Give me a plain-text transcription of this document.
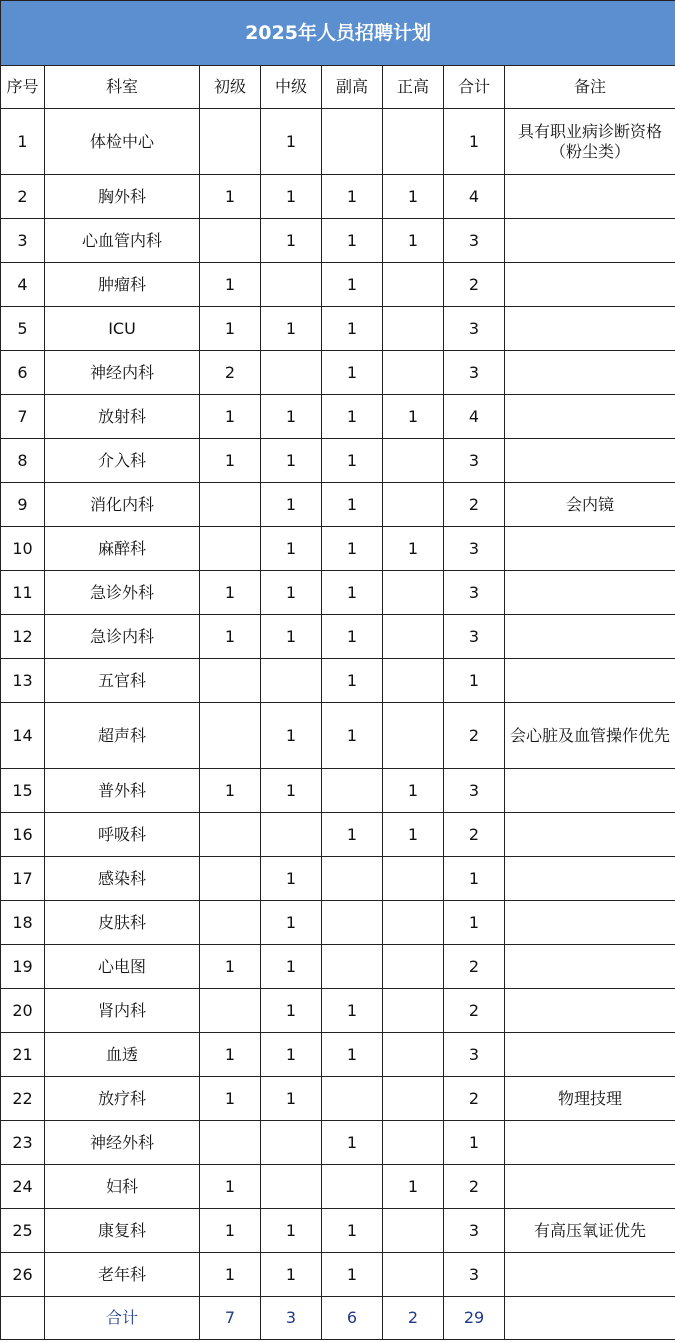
2025年人员招聘计划							
序号	科室	初级	中级	副高	正高	合计	备注
1	体检中心		1			1	具有职业病诊断资格（粉尘类）
2	胸外科	1	1	1	1	4	
3	心血管内科		1	1	1	3	
4	肿瘤科	1		1		2	
5	ICU	1	1	1		3	
6	神经内科	2		1		3	
7	放射科	1	1	1	1	4	
8	介入科	1	1	1		3	
9	消化内科		1	1		2	会内镜
10	麻醉科		1	1	1	3	
11	急诊外科	1	1	1		3	
12	急诊内科	1	1	1		3	
13	五官科			1		1	
14	超声科		1	1		2	会心脏及血管操作优先
15	普外科	1	1		1	3	
16	呼吸科			1	1	2	
17	感染科		1			1	
18	皮肤科		1			1	
19	心电图	1	1			2	
20	肾内科		1	1		2	
21	血透	1	1	1		3	
22	放疗科	1	1			2	物理技理
23	神经外科			1		1	
24	妇科	1			1	2	
25	康复科	1	1	1		3	有高压氧证优先
26	老年科	1	1	1		3	
	合计	7	3	6	2	29	
